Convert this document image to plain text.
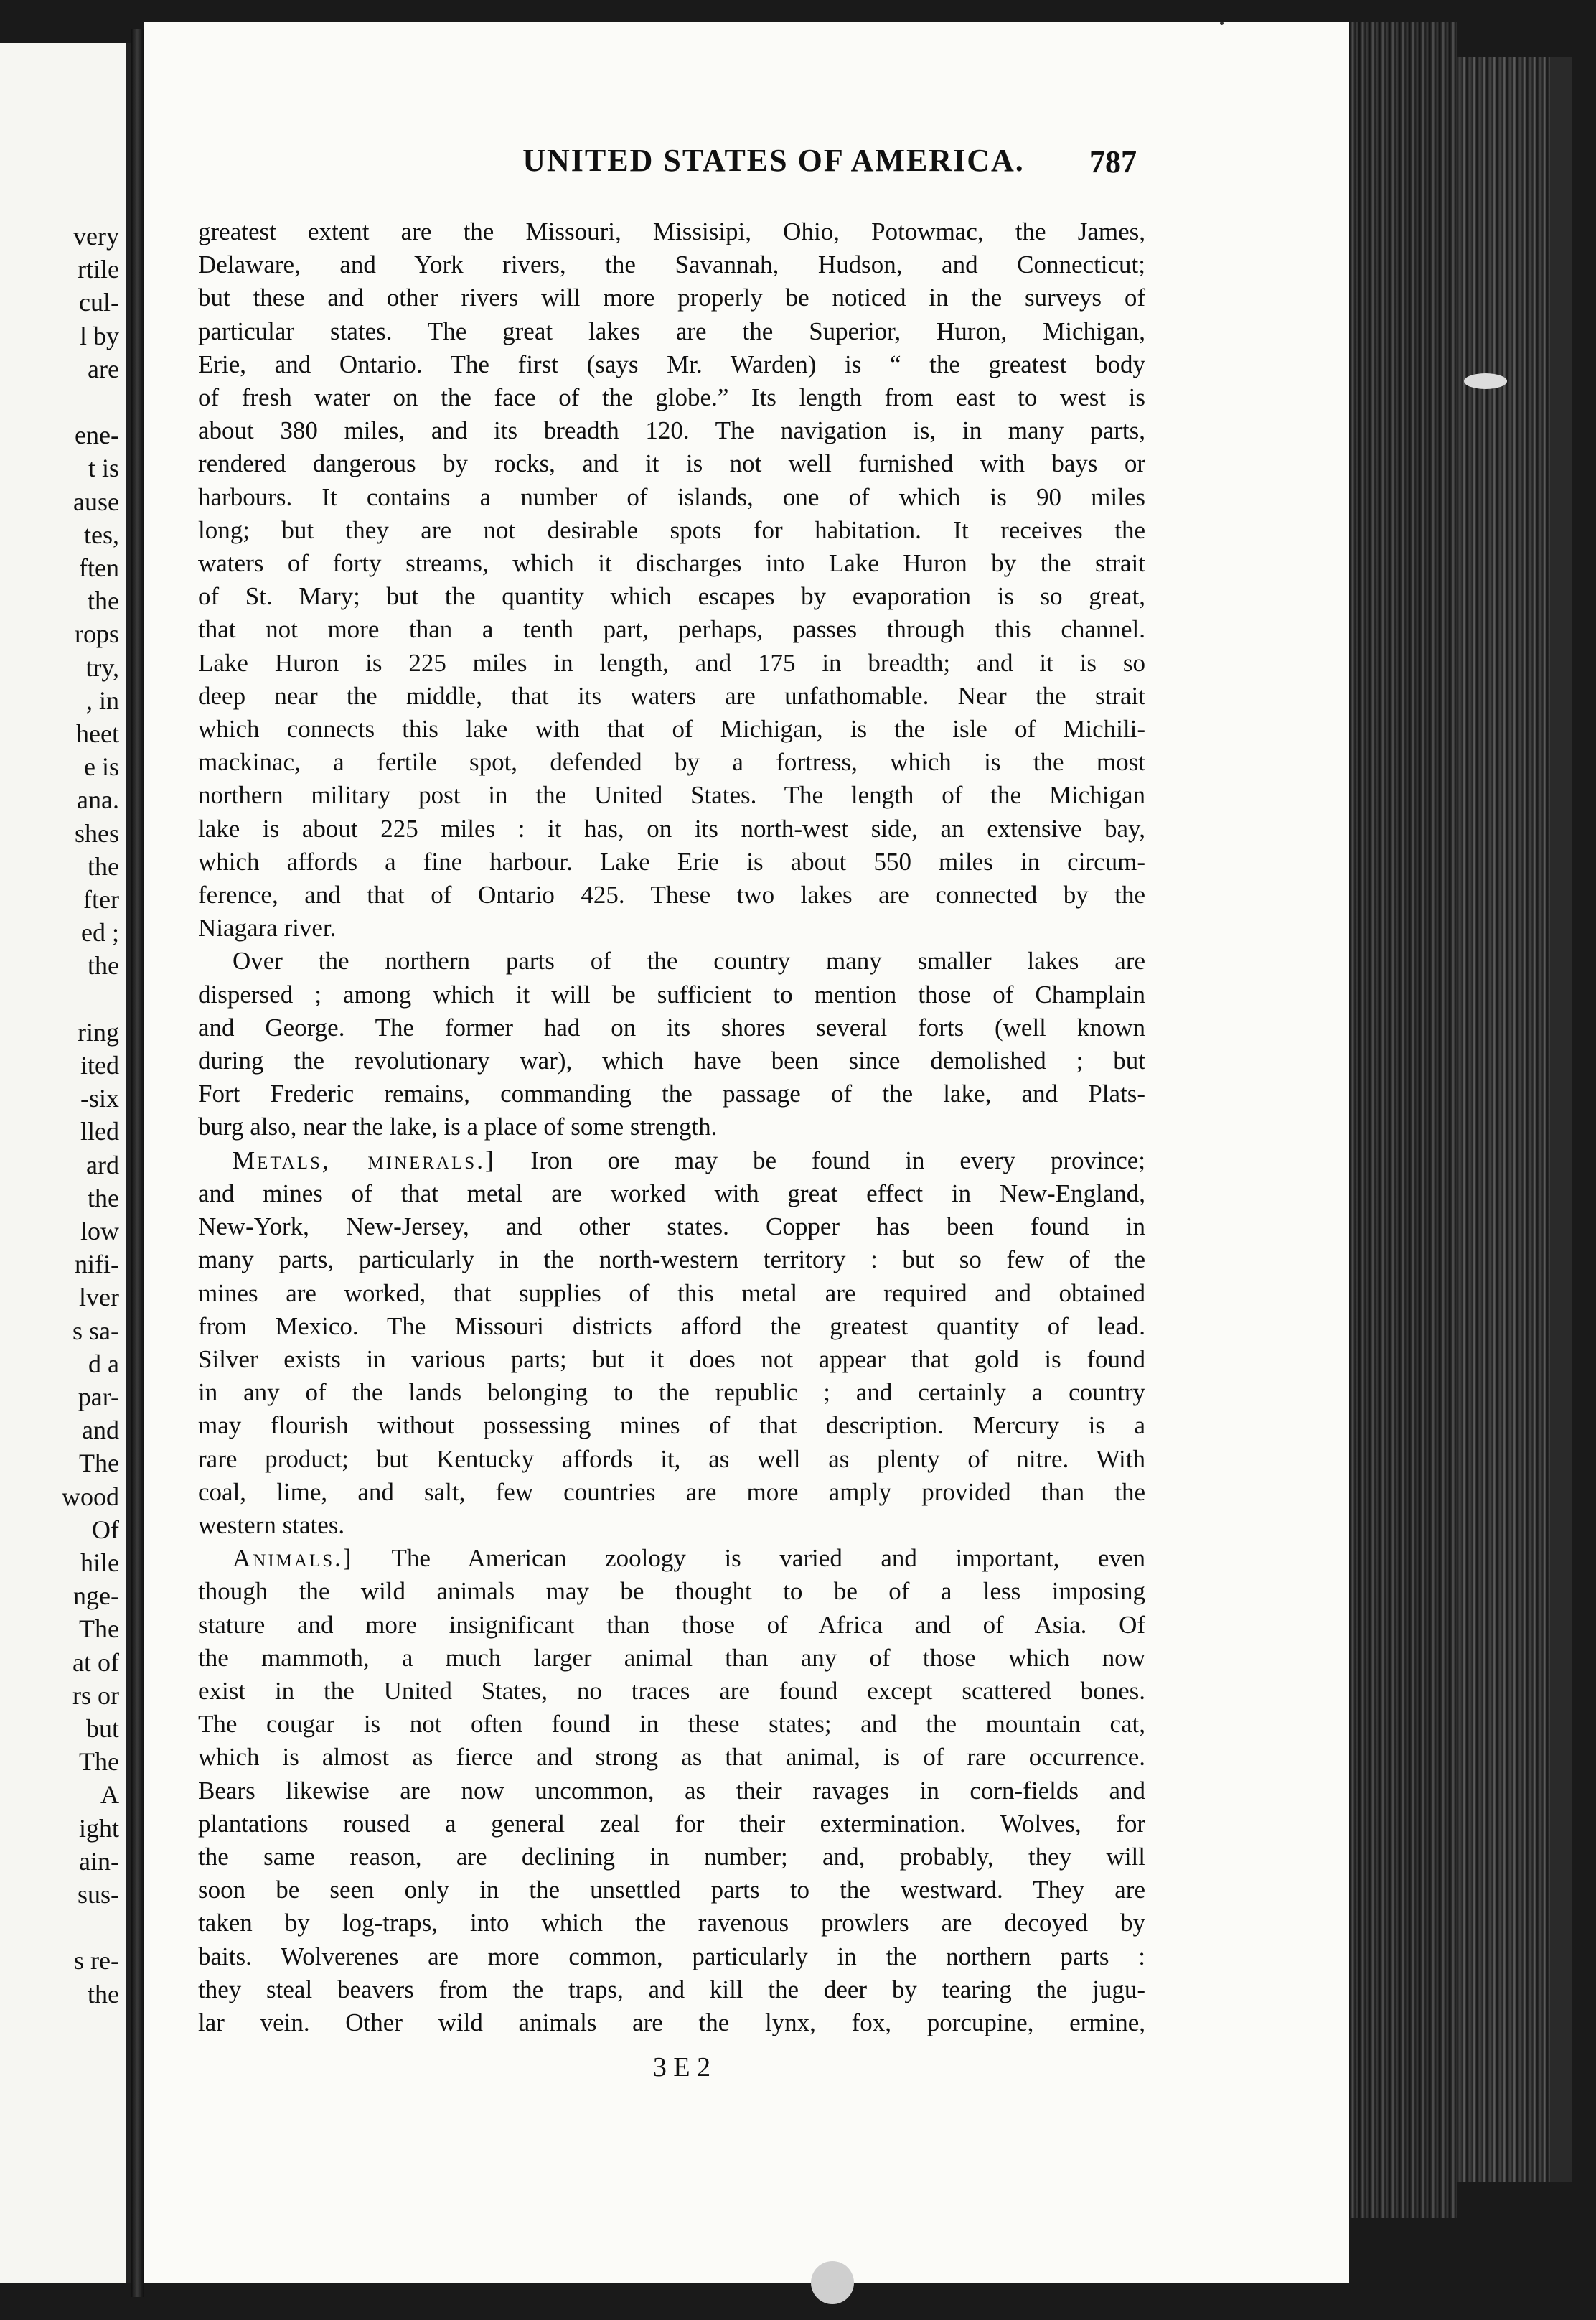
very
rtile
cul-
l by
are
ene-
t is
ause
tes,
ften
the
rops
try,
, in
heet
e is
ana.
shes
the
fter
ed ;
the
ring
ited
-six
lled
ard
the
low
nifi-
lver
s sa-
d a
par-
and
The
wood
Of
hile
nge-
The
at of
rs or
but
The
A
ight
ain-
sus-
s re-
the
UNITED STATES OF AMERICA.	787
greatest extent are the Missouri, Missisipi, Ohio, Potowmac, the James,
Delaware, and York rivers, the Savannah, Hudson, and Connecticut;
but these and other rivers will more properly be noticed in the surveys of
particular states. The great lakes are the Superior, Huron, Michigan,
Erie, and Ontario. The first (says Mr. Warden) is “ the greatest body
of fresh water on the face of the globe.” Its length from east to west is
about 380 miles, and its breadth 120. The navigation is, in many parts,
rendered dangerous by rocks, and it is not well furnished with bays or
harbours. It contains a number of islands, one of which is 90 miles
long; but they are not desirable spots for habitation. It receives the
waters of forty streams, which it discharges into Lake Huron by the strait
of St. Mary; but the quantity which escapes by evaporation is so great,
that not more than a tenth part, perhaps, passes through this channel.
Lake Huron is 225 miles in length, and 175 in breadth; and it is so
deep near the middle, that its waters are unfathomable. Near the strait
which connects this lake with that of Michigan, is the isle of Michili-
mackinac, a fertile spot, defended by a fortress, which is the most
northern military post in the United States. The length of the Michigan
lake is about 225 miles : it has, on its north-west side, an extensive bay,
which affords a fine harbour. Lake Erie is about 550 miles in circum-
ference, and that of Ontario 425. These two lakes are connected by the
Niagara river.
Over the northern parts of the country many smaller lakes are
dispersed ; among which it will be sufficient to mention those of Champlain
and George. The former had on its shores several forts (well known
during the revolutionary war), which have been since demolished ; but
Fort Frederic remains, commanding the passage of the lake, and Plats-
burg also, near the lake, is a place of some strength.
Metals, minerals.] Iron ore may be found in every province;
and mines of that metal are worked with great effect in New-England,
New-York, New-Jersey, and other states. Copper has been found in
many parts, particularly in the north-western territory : but so few of the
mines are worked, that supplies of this metal are required and obtained
from Mexico. The Missouri districts afford the greatest quantity of lead.
Silver exists in various parts; but it does not appear that gold is found
in any of the lands belonging to the republic ; and certainly a country
may flourish without possessing mines of that description. Mercury is a
rare product; but Kentucky affords it, as well as plenty of nitre. With
coal, lime, and salt, few countries are more amply provided than the
western states.
Animals.] The American zoology is varied and important, even
though the wild animals may be thought to be of a less imposing
stature and more insignificant than those of Africa and of Asia. Of
the mammoth, a much larger animal than any of those which now
exist in the United States, no traces are found except scattered bones.
The cougar is not often found in these states; and the mountain cat,
which is almost as fierce and strong as that animal, is of rare occurrence.
Bears likewise are now uncommon, as their ravages in corn-fields and
plantations roused a general zeal for their extermination. Wolves, for
the same reason, are declining in number; and, probably, they will
soon be seen only in the unsettled parts to the westward. They are
taken by log-traps, into which the ravenous prowlers are decoyed by
baits. Wolverenes are more common, particularly in the northern parts :
they steal beavers from the traps, and kill the deer by tearing the jugu-
lar vein. Other wild animals are the lynx, fox, porcupine, ermine,
3 E 2
